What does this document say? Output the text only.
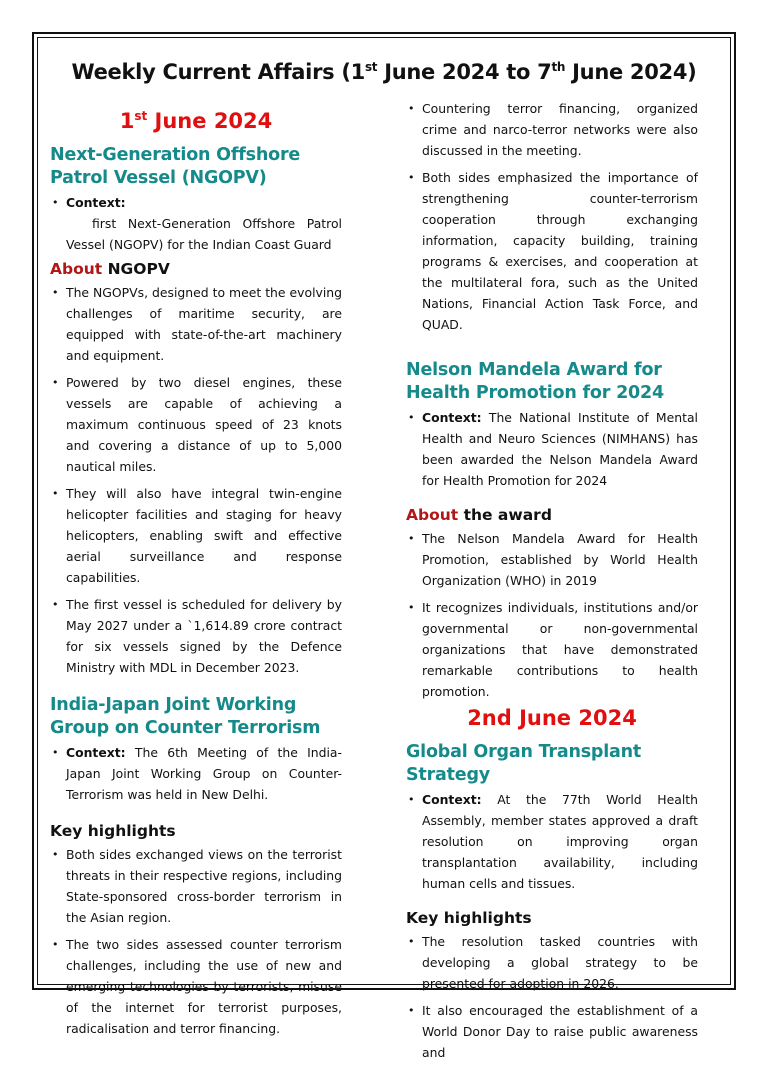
Weekly Current Affairs (1st June 2024 to 7th June 2024)
1st June 2024
Next-Generation Offshore Patrol Vessel (NGOPV)
• Context:
first Next-Generation Offshore Patrol Vessel (NGOPV) for the Indian Coast Guard
About NGOPV
• The NGOPVs, designed to meet the evolving challenges of maritime security, are equipped with state-of-the-art machinery and equipment.
• Powered by two diesel engines, these vessels are capable of achieving a maximum continuous speed of 23 knots and covering a distance of up to 5,000 nautical miles.
• They will also have integral twin-engine helicopter facilities and staging for heavy helicopters, enabling swift and effective aerial surveillance and response capabilities.
• The first vessel is scheduled for delivery by May 2027 under a `1,614.89 crore contract for six vessels signed by the Defence Ministry with MDL in December 2023.
India-Japan Joint Working Group on Counter Terrorism
• Context: The 6th Meeting of the India-Japan Joint Working Group on Counter-Terrorism was held in New Delhi.
Key highlights
• Both sides exchanged views on the terrorist threats in their respective regions, including State-sponsored cross-border terrorism in the Asian region.
• The two sides assessed counter terrorism challenges, including the use of new and emerging technologies by terrorists, misuse of the internet for terrorist purposes, radicalisation and terror financing.
• Countering terror financing, organized crime and narco-terror networks were also discussed in the meeting.
• Both sides emphasized the importance of strengthening counter-terrorism cooperation through exchanging information, capacity building, training programs & exercises, and cooperation at the multilateral fora, such as the United Nations, Financial Action Task Force, and QUAD.
Nelson Mandela Award for
Health Promotion for 2024
• Context: The National Institute of Mental Health and Neuro Sciences (NIMHANS) has been awarded the Nelson Mandela Award for Health Promotion for 2024
About the award
• The Nelson Mandela Award for Health Promotion, established by World Health Organization (WHO) in 2019
• It recognizes individuals, institutions and/or governmental or non-governmental organizations that have demonstrated remarkable contributions to health promotion.
2nd June 2024
Global Organ Transplant Strategy
• Context: At the 77th World Health Assembly, member states approved a draft resolution on improving organ transplantation availability, including human cells and tissues.
Key highlights
• The resolution tasked countries with developing a global strategy to be presented for adoption in 2026.
• It also encouraged the establishment of a World Donor Day to raise public awareness and
